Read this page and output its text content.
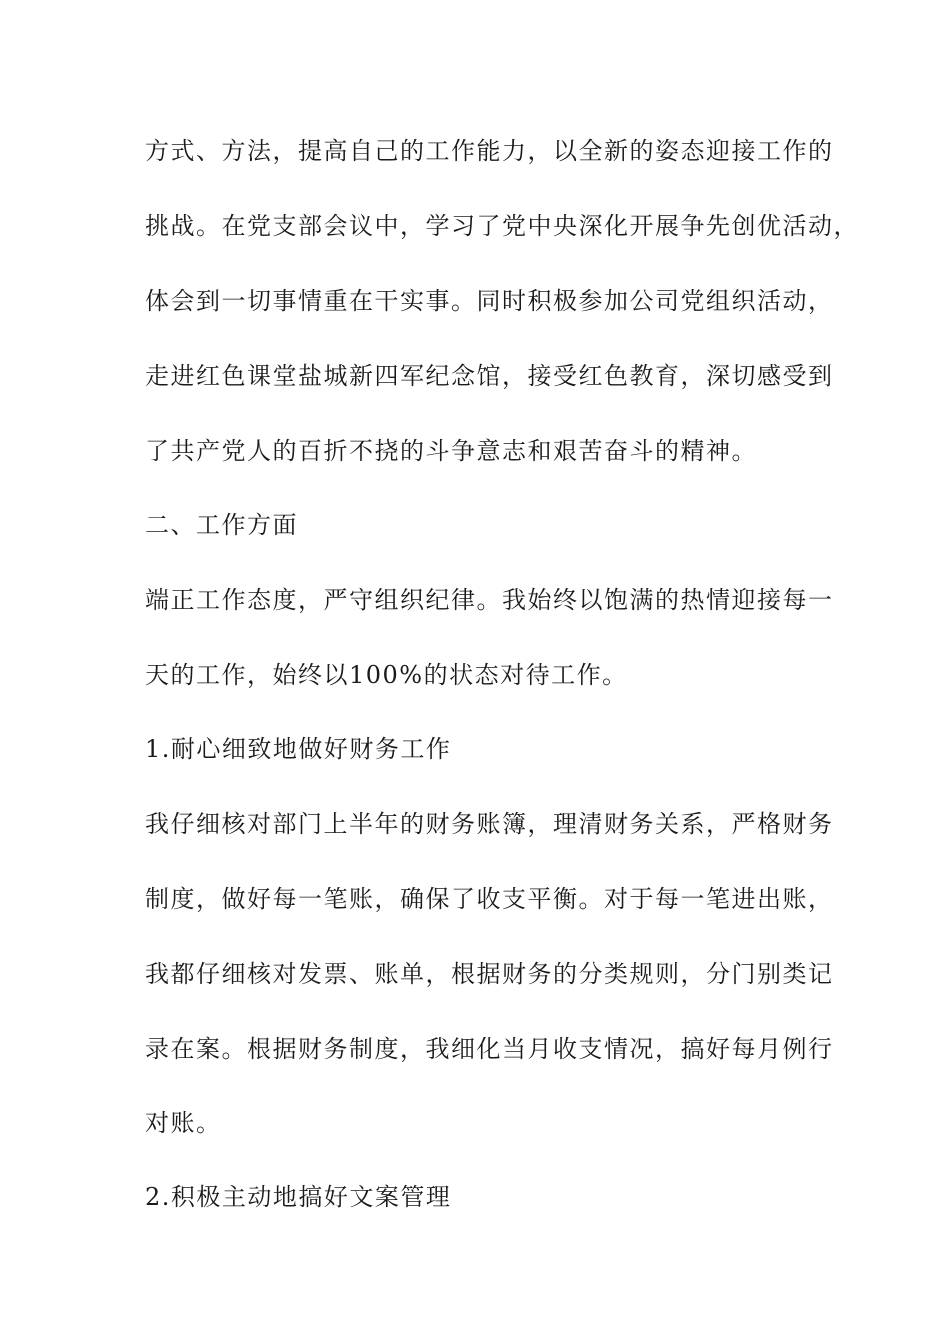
方式、方法，提高自己的工作能力，以全新的姿态迎接工作的
挑战。在党支部会议中，学习了党中央深化开展争先创优活动，
体会到一切事情重在干实事。同时积极参加公司党组织活动，
走进红色课堂盐城新四军纪念馆，接受红色教育，深切感受到
了共产党人的百折不挠的斗争意志和艰苦奋斗的精神。
二、工作方面
端正工作态度，严守组织纪律。我始终以饱满的热情迎接每一
天的工作，始终以100%的状态对待工作。
1.耐心细致地做好财务工作
我仔细核对部门上半年的财务账簿，理清财务关系，严格财务
制度，做好每一笔账，确保了收支平衡。对于每一笔进出账，
我都仔细核对发票、账单，根据财务的分类规则，分门别类记
录在案。根据财务制度，我细化当月收支情况，搞好每月例行
对账。
2.积极主动地搞好文案管理
